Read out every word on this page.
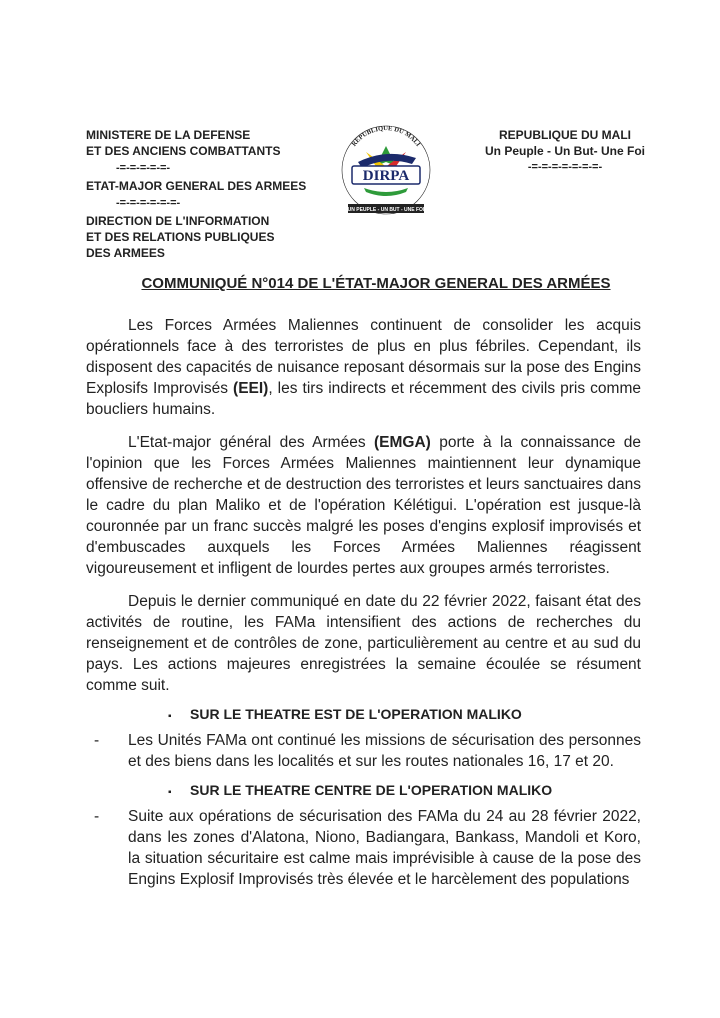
MINISTERE DE LA DEFENSE
ET DES ANCIENS COMBATTANTS
-=-=-=-=-=-
ETAT-MAJOR GENERAL DES ARMEES
-=-=-=-=-=-=-
DIRECTION DE L'INFORMATION
ET DES RELATIONS PUBLIQUES
DES ARMEES
REPUBLIQUE DU MALI
DIRPA
UN PEUPLE - UN BUT - UNE FOI
REPUBLIQUE DU MALI
Un Peuple - Un But- Une Foi
-=-=-=-=-=-=-=-
COMMUNIQUÉ N°014 DE L'ÉTAT-MAJOR GENERAL DES ARMÉES

Les Forces Armées Maliennes continuent de consolider les acquis opérationnels face à des terroristes de plus en plus fébriles. Cependant, ils disposent des capacités de nuisance reposant désormais sur la pose des Engins Explosifs Improvisés (EEI), les tirs indirects et récemment des civils pris comme boucliers humains.

L'Etat-major général des Armées (EMGA) porte à la connaissance de l'opinion que les Forces Armées Maliennes maintiennent leur dynamique offensive de recherche et de destruction des terroristes et leurs sanctuaires dans le cadre du plan Maliko et de l'opération Kélétigui. L'opération est jusque-là couronnée par un franc succès malgré les poses d'engins explosif improvisés et d'embuscades auxquels les Forces Armées Maliennes réagissent vigoureusement et infligent de lourdes pertes aux groupes armés terroristes.

Depuis le dernier communiqué en date du 22 février 2022, faisant état des activités de routine, les FAMa intensifient des actions de recherches du renseignement et de contrôles de zone, particulièrement au centre et au sud du pays. Les actions majeures enregistrées la semaine écoulée se résument comme suit.

▪ SUR LE THEATRE EST DE L'OPERATION MALIKO
-	Les Unités FAMa ont continué les missions de sécurisation des personnes et des biens dans les localités et sur les routes nationales 16, 17 et 20.
▪ SUR LE THEATRE CENTRE DE L'OPERATION MALIKO
-	Suite aux opérations de sécurisation des FAMa du 24 au 28 février 2022, dans les zones d'Alatona, Niono, Badiangara, Bankass, Mandoli et Koro, la situation sécuritaire est calme mais imprévisible à cause de la pose des Engins Explosif Improvisés très élevée et le harcèlement des populations
